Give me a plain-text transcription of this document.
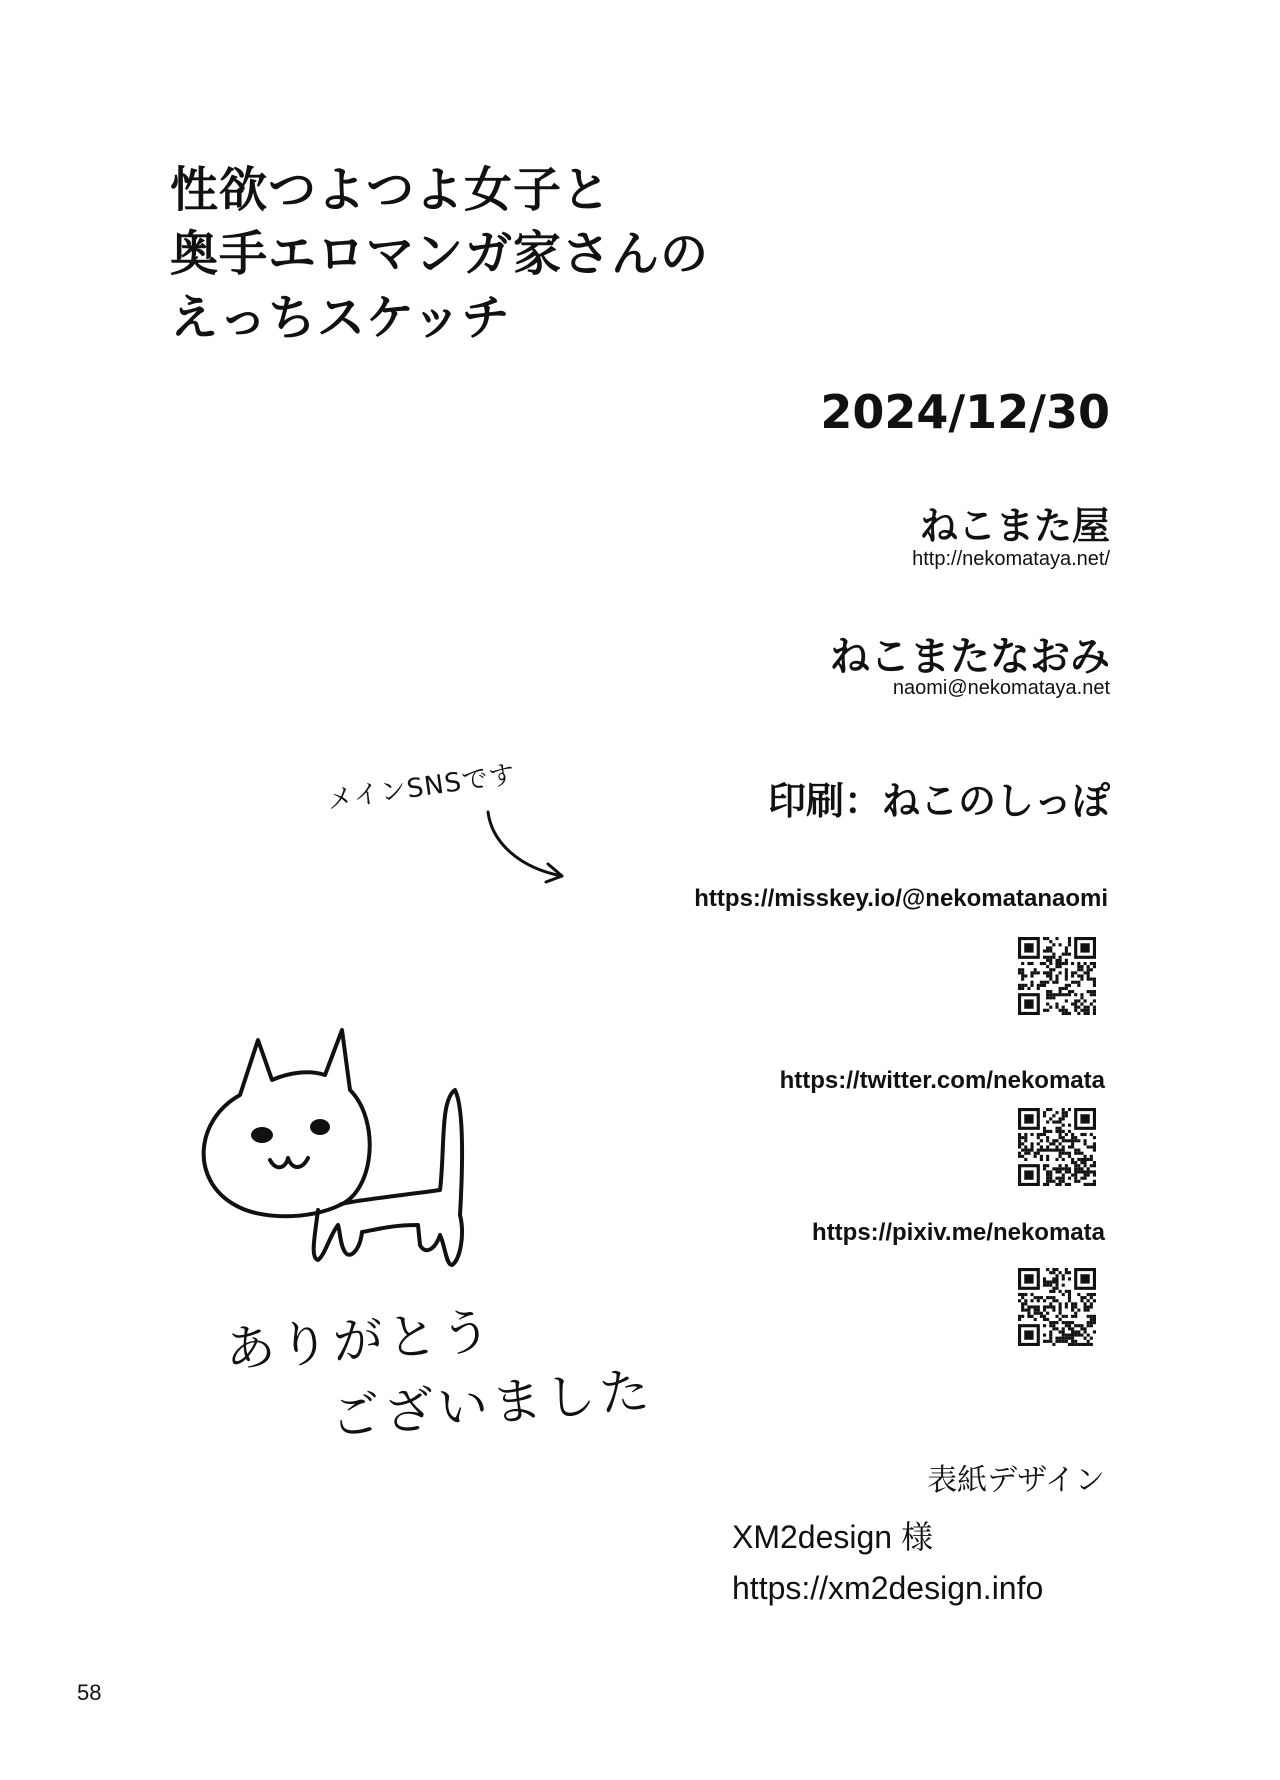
性欲つよつよ女子と
奥手エロマンガ家さんの
えっちスケッチ
2024/12/30
ねこまた屋
http://nekomataya.net/
ねこまたなおみ
naomi@nekomataya.net
印刷：ねこのしっぽ
メインSNSです
https://misskey.io/@nekomatanaomi
https://twitter.com/nekomata
https://pixiv.me/nekomata
ありがとう
ございました
表紙デザイン
XM2design 様
https://xm2design.info
58
